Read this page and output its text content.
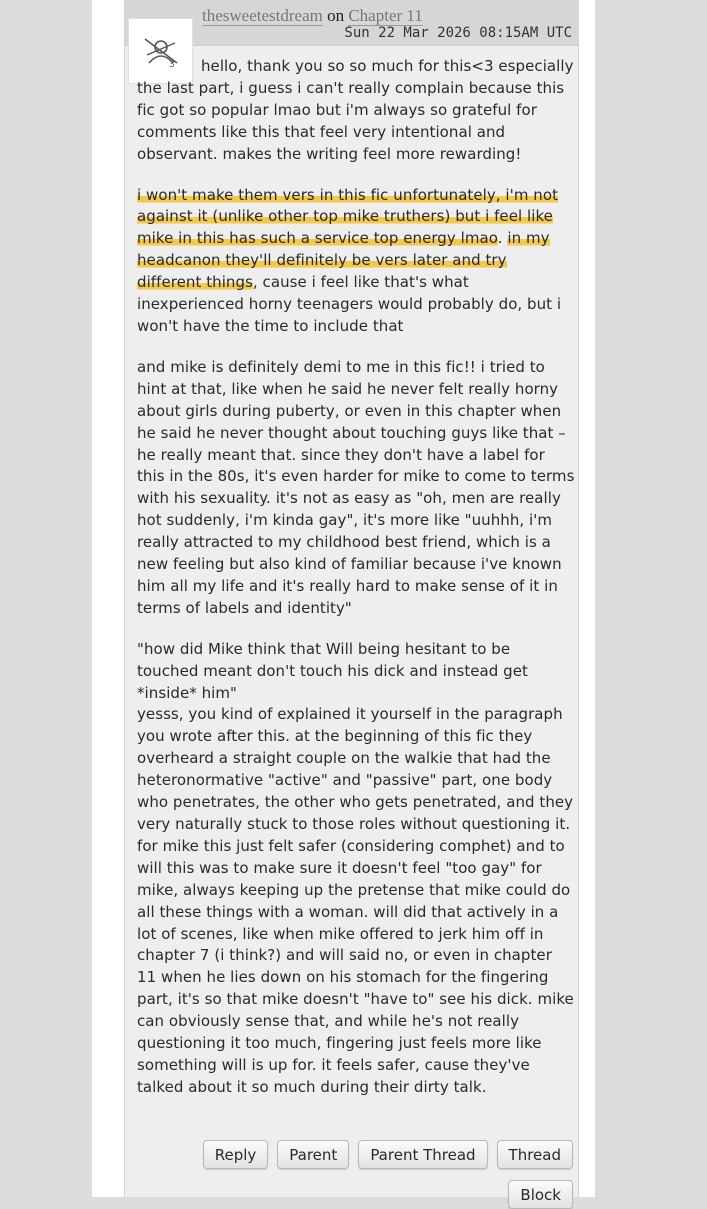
thesweetestdream on Chapter 11
Sun 22 Mar 2026 08:15AM UTC
3	hello, thank you so so much for this<3 especially the last part, i guess i can't really complain because this fic got so popular lmao but i'm always so grateful for comments like this that feel very intentional and observant. makes the writing feel more rewarding!

i won't make them vers in this fic unfortunately, i'm not against it (unlike other top mike truthers) but i feel like mike in this has such a service top energy lmao. in my headcanon they'll definitely be vers later and try different things, cause i feel like that's what inexperienced horny teenagers would probably do, but i won't have the time to include that

and mike is definitely demi to me in this fic!! i tried to hint at that, like when he said he never felt really horny about girls during puberty, or even in this chapter when he said he never thought about touching guys like that – he really meant that. since they don't have a label for this in the 80s, it's even harder for mike to come to terms with his sexuality. it's not as easy as "oh, men are really hot suddenly, i'm kinda gay", it's more like "uuhhh, i'm really attracted to my childhood best friend, which is a new feeling but also kind of familiar because i've known him all my life and it's really hard to make sense of it in terms of labels and identity"

"how did Mike think that Will being hesitant to be touched meant don't touch his dick and instead get *inside* him"
yesss, you kind of explained it yourself in the paragraph you wrote after this. at the beginning of this fic they overheard a straight couple on the walkie that had the heteronormative "active" and "passive" part, one body who penetrates, the other who gets penetrated, and they very naturally stuck to those roles without questioning it. for mike this just felt safer (considering comphet) and to will this was to make sure it doesn't feel "too gay" for mike, always keeping up the pretense that mike could do all these things with a woman. will did that actively in a lot of scenes, like when mike offered to jerk him off in chapter 7 (i think?) and will said no, or even in chapter 11 when he lies down on his stomach for the fingering part, it's so that mike doesn't "have to" see his dick. mike can obviously sense that, and while he's not really questioning it too much, fingering just feels more like something will is up for. it feels safer, cause they've talked about it so much during their dirty talk.

Reply	Parent	Parent Thread	Thread
Block
